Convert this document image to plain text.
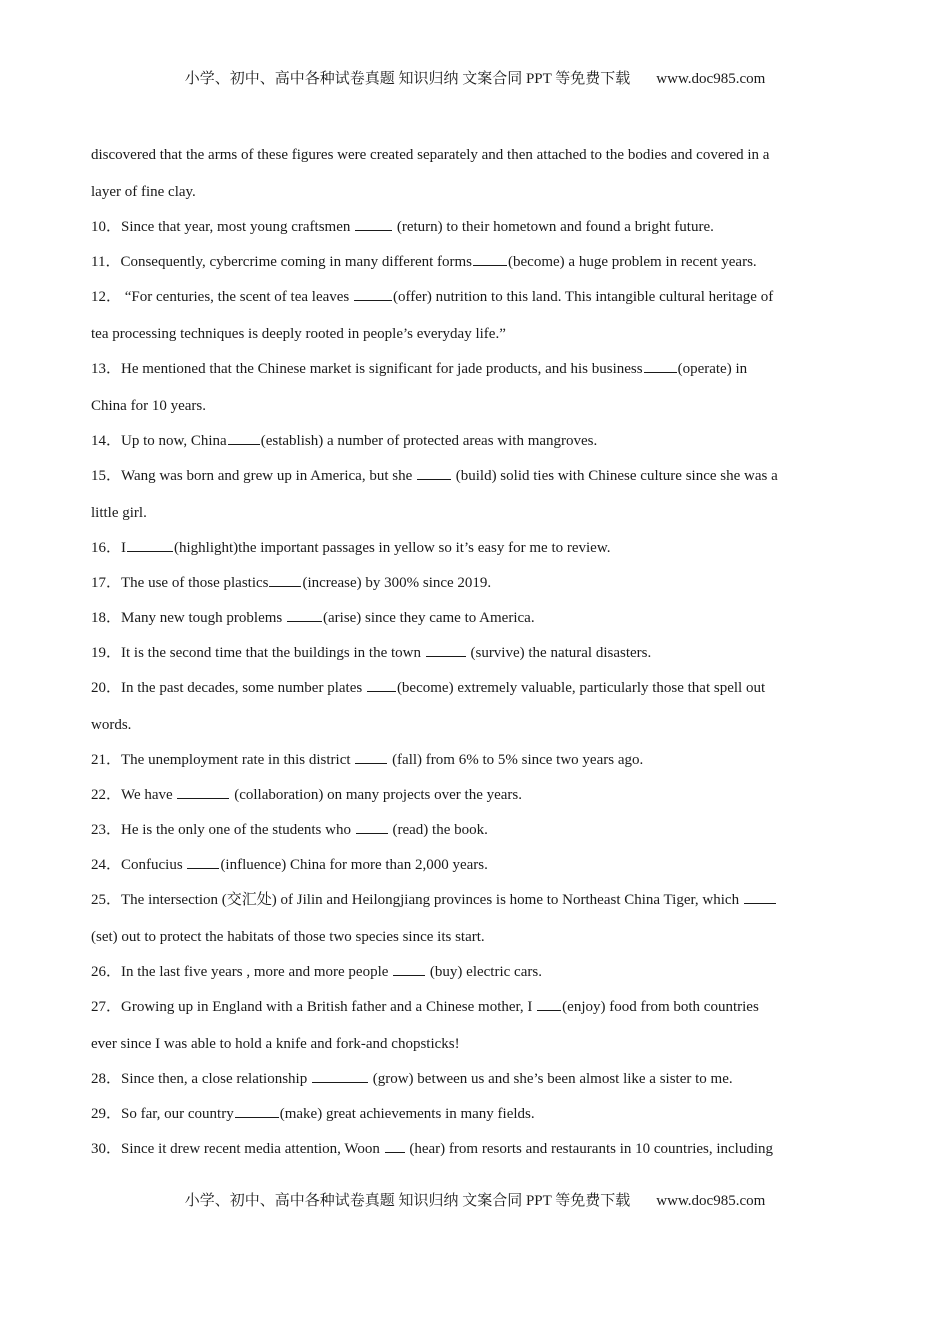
小学、初中、高中各种试卷真题 知识归纳 文案合同 PPT 等免费下载 www.doc985.com
discovered that the arms of these figures were created separately and then attached to the bodies and covered in a
layer of fine clay.
10．Since that year, most young craftsmen	(return) to their hometown and found a bright future.
11．Consequently, cybercrime coming in many different forms (become) a huge problem in recent years.
12． “For centuries, the scent of tea leaves	(offer) nutrition to this land. This intangible cultural heritage of
tea processing techniques is deeply rooted in people’s everyday life.”
13．He mentioned that the Chinese market is significant for jade products, and his business (operate) in
China for 10 years.
14．Up to now, China (establish) a number of protected areas with mangroves.
15．Wang was born and grew up in America, but she  (build) solid ties with Chinese culture since she was a
little girl.
16．I	(highlight)the important passages in yellow so it’s easy for me to review.
17．The use of those plastics (increase) by 300% since 2019.
18．Many new tough problems (arise) since they came to America.
19．It is the second time that the buildings in the town	(survive) the natural disasters.
20．In the past decades, some number plates (become) extremely valuable, particularly those that spell out
words.
21．The unemployment rate in this district  (fall) from 6% to 5% since two years ago.
22．We have	(collaboration) on many projects over the years.
23．He is the only one of the students who  (read) the book.
24．Confucius (influence) China for more than 2,000 years.
25．The intersection (交汇处) of Jilin and Heilongjiang provinces is home to Northeast China Tiger, which
(set) out to protect the habitats of those two species since its start.
26．In the last five years , more and more people  (buy) electric cars.
27．Growing up in England with a British father and a Chinese mother, I (enjoy) food from both countries
ever since I was able to hold a knife and fork-and chopsticks!
28．Since then, a close relationship	(grow) between us and she’s been almost like a sister to me.
29．So far, our country	(make) great achievements in many fields.
30．Since it drew recent media attention, Woon  (hear) from resorts and restaurants in 10 countries, including
小学、初中、高中各种试卷真题 知识归纳 文案合同 PPT 等免费下载 www.doc985.com
